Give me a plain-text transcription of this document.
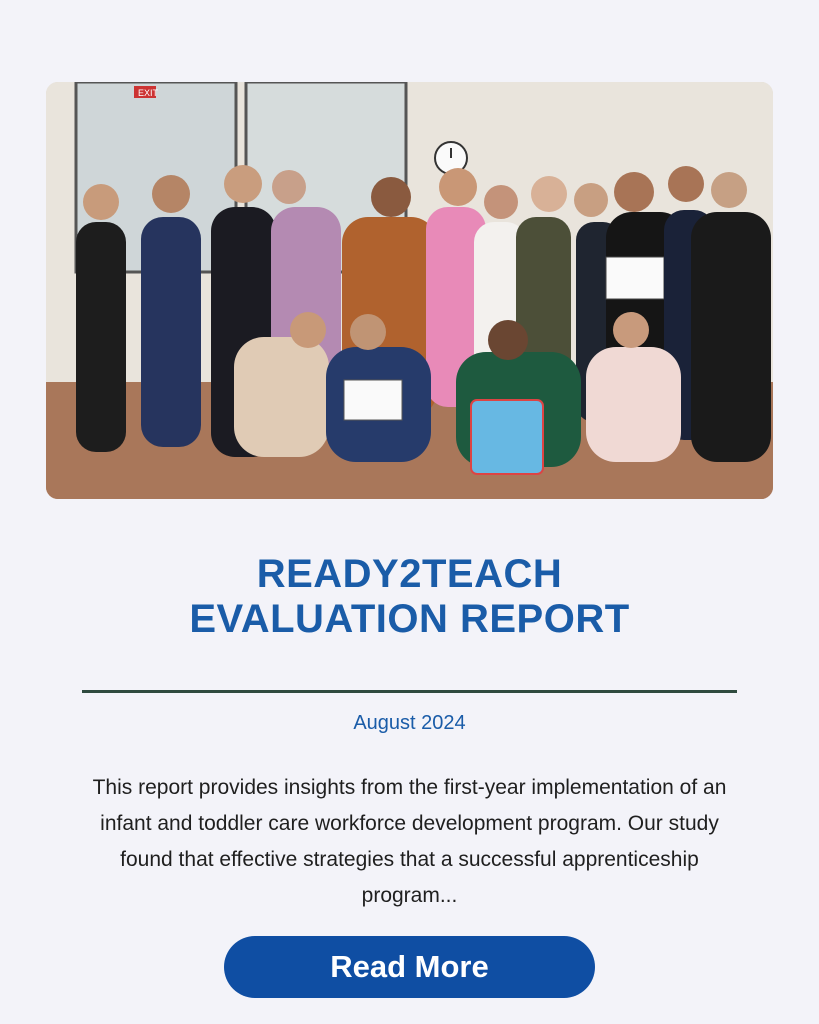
EXIT
READY2TEACH
EVALUATION REPORT
August 2024
This report provides insights from the first-year implementation of an infant and toddler care workforce development program. Our study found that effective strategies that a successful apprenticeship program...
Read More
